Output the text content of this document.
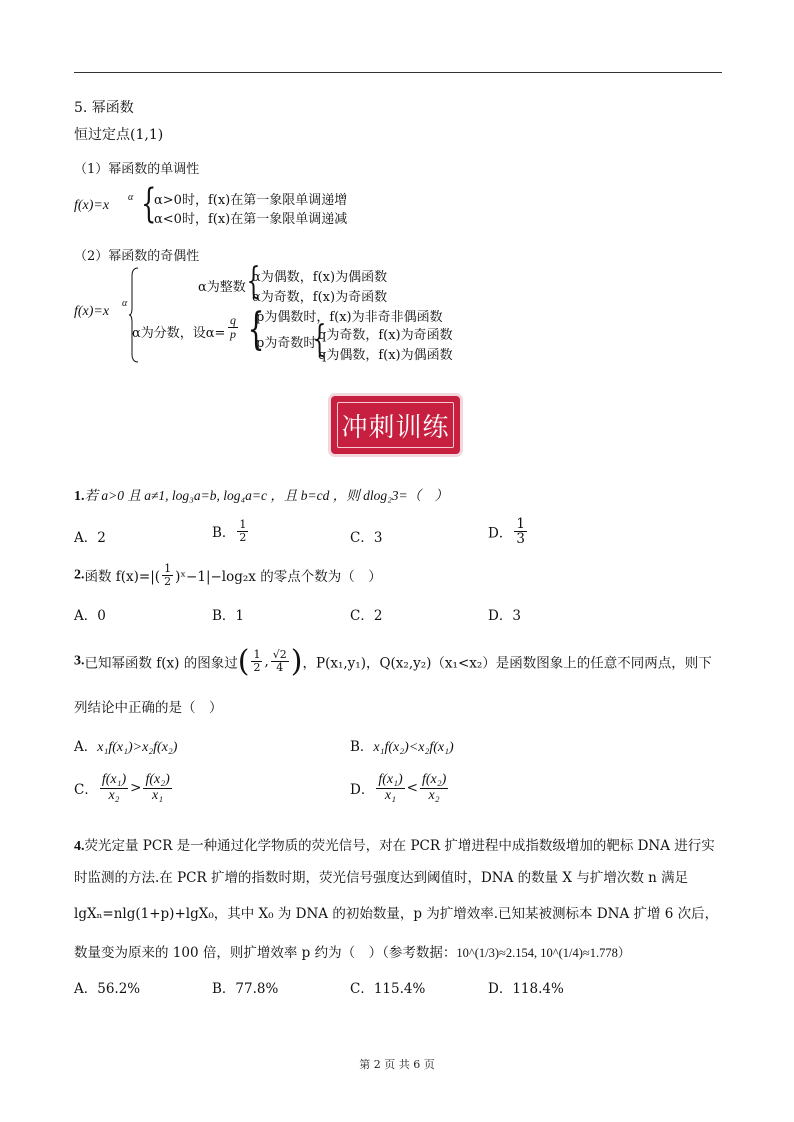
5. 幂函数
恒过定点(1,1)
（1）幂函数的单调性
f(x)=x
α {
α>0时，f(x)在第一象限单调递增
α<0时，f(x)在第一象限单调递减
（2）幂函数的奇偶性
f(x)=x
α
α为整数 {
α为偶数，f(x)为偶函数
α为奇数，f(x)为奇函数
α为分数，设$\alpha= \frac{q}{p}$ {
p为偶数时，f(x)为非奇非偶函数
p为奇数时
{
q为奇数，f(x)为奇函数
q为偶数，f(x)为偶函数
冲刺训练
1.若 a>0 且 a≠1, log₃a=b, log₄a=c ，且 b=cd ，则 dlog₂3=（　）
A．2	B． $\frac{1}{2}$	C．3	D． $\frac{1}{3}$
2.函数 $f(x)=|( \frac{1}{2}$ )ˣ−1|−log₂x 的零点个数为（　）
A．0	B．1	C．2	D．3
3.已知幂函数 f(x) 的图象过( $\frac{1}{2}$ , $\frac{√2}{4}$ )，P(x₁,y₁)，Q(x₂,y₂)（x₁<x₂）是函数图象上的任意不同两点，则下
列结论中正确的是（　）
A．x₁f(x₁)>x₂f(x₂)	B．x₁f(x₂)<x₂f(x₁)
C． $\frac{\text{f(x₁)}}{\text{x₂}} > \frac{\text{f(x₂)}}{\text{x₁}}$	D． $\frac{\text{f(x₁)}}{\text{x₁}} < \frac{\text{f(x₂)}}{\text{x₂}}$
4.荧光定量 PCR 是一种通过化学物质的荧光信号，对在 PCR 扩增进程中成指数级增加的靶标 DNA 进行实
时监测的方法.在 PCR 扩增的指数时期，荧光信号强度达到阈值时，DNA 的数量 X 与扩增次数 n 满足
lgXₙ=nlg(1+p)+lgX₀，其中 X₀ 为 DNA 的初始数量，p 为扩增效率.已知某被测标本 DNA 扩增 6 次后，
数量变为原来的 100 倍，则扩增效率 p 约为（　）（参考数据：10^(1/3)≈2.154, 10^(1/4)≈1.778）
A．56.2%	B．77.8%	C．115.4%	D．118.4%
第 2 页 共 6 页
